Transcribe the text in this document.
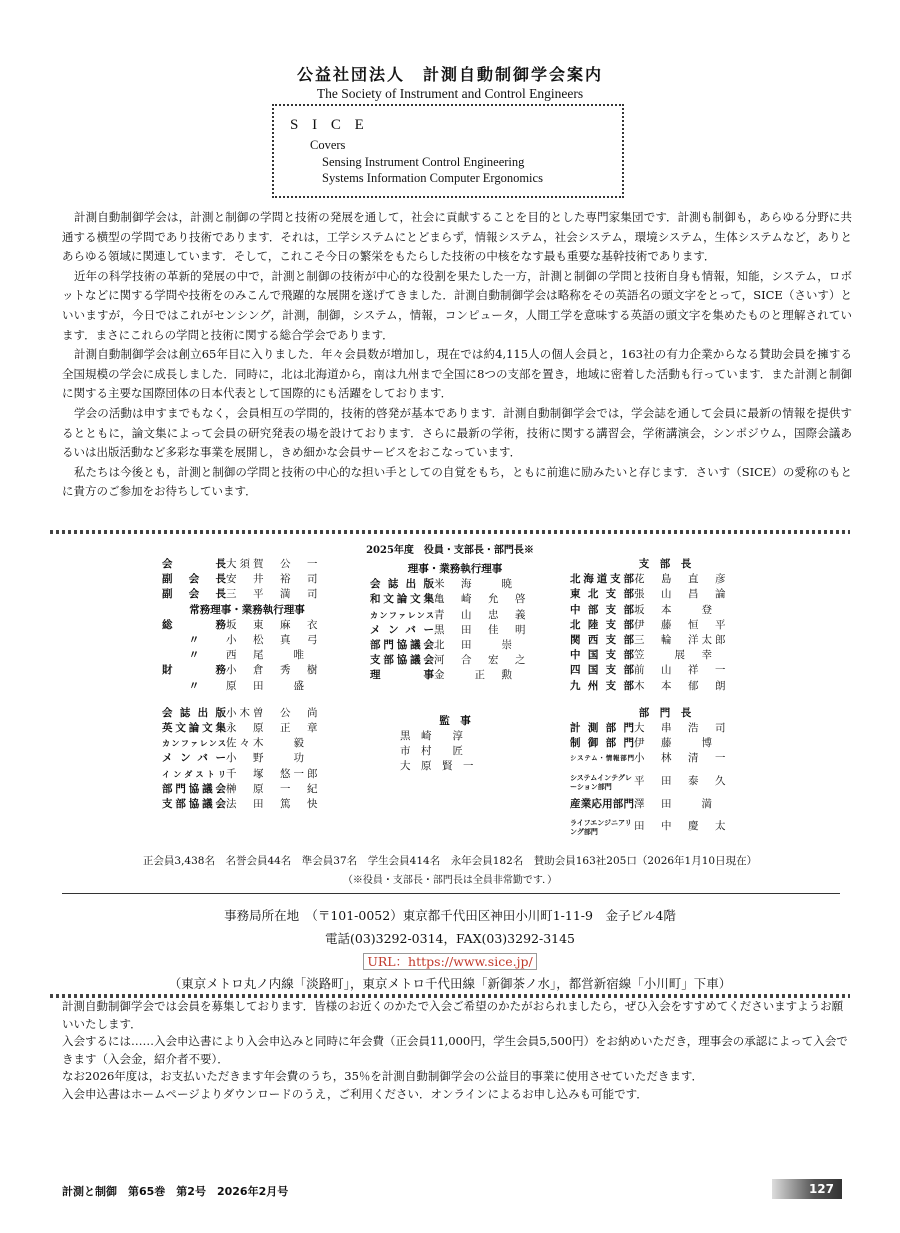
公益社団法人　計測自動制御学会案内
The Society of Instrument and Control Engineers
S I C E
Covers
Sensing Instrument Control Engineering
Systems Information Computer Ergonomics

計測自動制御学会は，計測と制御の学問と技術の発展を通して，社会に貢献することを目的とした専門家集団です．計測も制御も，あらゆる分野に共通する横型の学問であり技術であります．それは，工学システムにとどまらず，情報システム，社会システム，環境システム，生体システムなど，ありとあらゆる領域に関連しています．そして，これこそ今日の繁栄をもたらした技術の中核をなす最も重要な基幹技術であります．

近年の科学技術の革新的発展の中で，計測と制御の技術が中心的な役割を果たした一方，計測と制御の学問と技術自身も情報，知能，システム，ロボットなどに関する学問や技術をのみこんで飛躍的な展開を遂げてきました．計測自動制御学会は略称をその英語名の頭文字をとって，SICE（さいす）といいますが，今日ではこれがセンシング，計測，制御，システム，情報，コンピュータ，人間工学を意味する英語の頭文字を集めたものと理解されています．まさにこれらの学問と技術に関する総合学会であります．

計測自動制御学会は創立65年目に入りました．年々会員数が増加し，現在では約4,115人の個人会員と，163社の有力企業からなる賛助会員を擁する全国規模の学会に成長しました．同時に，北は北海道から，南は九州まで全国に8つの支部を置き，地域に密着した活動も行っています．また計測と制御に関する主要な国際団体の日本代表として国際的にも活躍をしております．

学会の活動は申すまでもなく，会員相互の学問的，技術的啓発が基本であります．計測自動制御学会では，学会誌を通して会員に最新の情報を提供するとともに，論文集によって会員の研究発表の場を設けております．さらに最新の学術，技術に関する講習会，学術講演会，シンポジウム，国際会議あるいは出版活動など多彩な事業を展開し，きめ細かな会員サービスをおこなっています．

私たちは今後とも，計測と制御の学問と技術の中心的な担い手としての自覚をもち，ともに前進に励みたいと存じます．さいす（SICE）の愛称のもとに貴方のご参加をお待ちしています．

2025年度　役員・支部長・部門長※
会　長 大須賀　公　一
副会長 安　井　裕　司
副会長 三　平　満　司
常務理事・業務執行理事
総　務 坂　東　麻　衣
〃	小　松　真　弓
〃	西　尾　　唯
財　務 小　倉　秀　樹
〃	原　田　　盛
会誌出版 小木曽　公　尚
英文論文集 永　原　正　章
カンファレンス 佐々木　　毅
メンバー 小　野　　功
インダストリ 千　塚　悠一郎
部門協議会 榊　原　一　紀
支部協議会 法　田　篤　快
理事・業務執行理事
会誌出版 米　海　　暁
和文論文集 亀　崎　允　啓
カンファレンス 青　山　忠　義
メンバー 黒　田　佳　明
部門協議会 北　田　　崇
支部協議会 河　合　宏　之
理　事 金　　正　勲
監　事
黒　崎　　淳
市　村　　匠
大　原　賢　一
支　部　長
北海道支部 花　島　直　彦
東北支部 張　山　昌　論
中部支部 坂　本　　登
北陸支部 伊　藤　恒　平
関西支部 三　輪　洋太郎
中国支部 笠　　展　幸
四国支部 前　山　祥　一
九州支部 木　本　郁　朗
部　門　長
計測部門 大　串　浩　司
制御部門 伊　藤　　博
システム・情報部門 小　林　清　一
システムインテグレーション部門	平　田　泰　久
産業応用部門 澤　田　　満
ライフエンジニアリング部門	田　中　慶　太
正会員3,438名　名誉会員44名　準会員37名　学生会員414名　永年会員182名　賛助会員163社205口（2026年1月10日現在）
（※役員・支部長・部門長は全員非常勤です．）
事務局所在地　（〒101-0052）東京都千代田区神田小川町1-11-9　金子ビル4階
電話(03)3292-0314，FAX(03)3292-3145
URL：https://www.sice.jp/
（東京メトロ丸ノ内線「淡路町」，東京メトロ千代田線「新御茶ノ水」，都営新宿線「小川町」下車）

計測自動制御学会では会員を募集しております．皆様のお近くのかたで入会ご希望のかたがおられましたら，ぜひ入会をすすめてくださいますようお願いいたします．

入会するには……入会申込書により入会申込みと同時に年会費（正会員11,000円，学生会員5,500円）をお納めいただき，理事会の承認によって入会できます（入会金，紹介者不要）．

なお2026年度は，お支払いただきます年会費のうち，35％を計測自動制御学会の公益目的事業に使用させていただきます．

入会申込書はホームページよりダウンロードのうえ，ご利用ください．オンラインによるお申し込みも可能です．

計測と制御　第65巻　第2号　2026年2月号	127
